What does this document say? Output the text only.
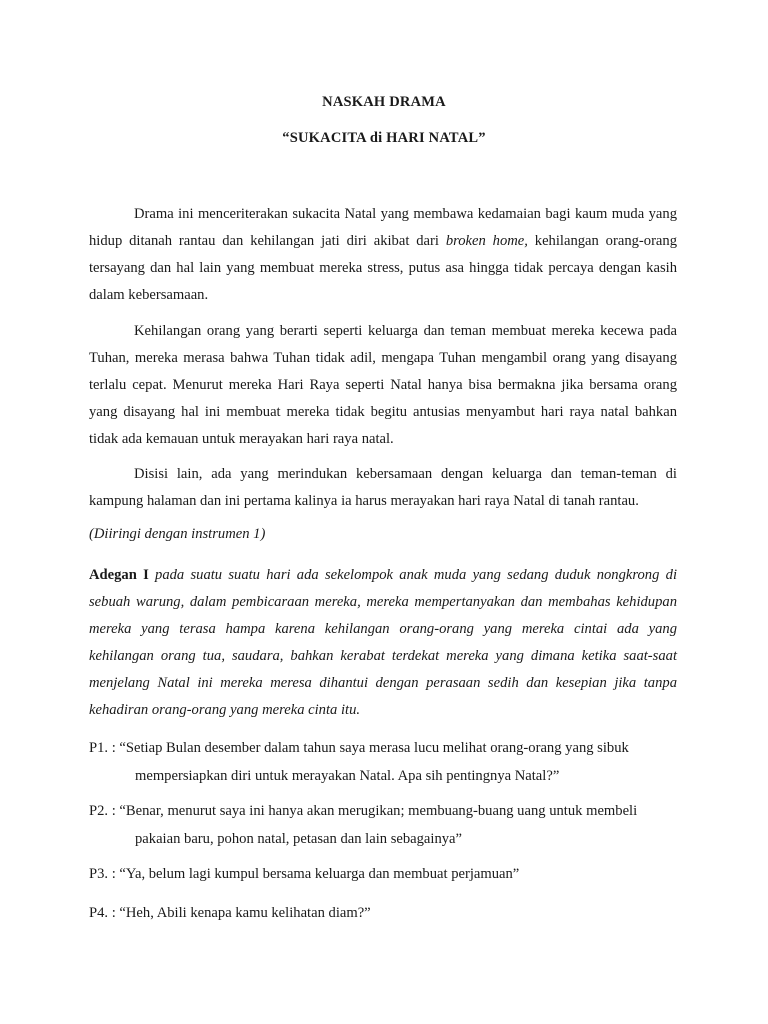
NASKAH DRAMA
“SUKACITA di HARI NATAL”
Drama ini menceriterakan sukacita Natal yang membawa kedamaian bagi kaum muda yang hidup ditanah rantau dan kehilangan jati diri akibat dari broken home, kehilangan orang-orang tersayang dan hal lain yang membuat mereka stress, putus asa hingga tidak percaya dengan kasih dalam kebersamaan.
Kehilangan orang yang berarti seperti keluarga dan teman membuat mereka kecewa pada Tuhan, mereka merasa bahwa Tuhan tidak adil, mengapa Tuhan mengambil orang yang disayang terlalu cepat. Menurut mereka Hari Raya seperti Natal hanya bisa bermakna jika bersama orang yang disayang hal ini membuat mereka tidak begitu antusias menyambut hari raya natal bahkan tidak ada kemauan untuk merayakan hari raya natal.
Disisi lain, ada yang merindukan kebersamaan dengan keluarga dan teman-teman di kampung halaman dan ini pertama kalinya ia harus merayakan hari raya Natal di tanah rantau.
(Diiringi dengan instrumen 1)
Adegan I pada suatu suatu hari ada sekelompok anak muda yang sedang duduk nongkrong di sebuah warung, dalam pembicaraan mereka, mereka mempertanyakan dan membahas kehidupan mereka yang terasa hampa karena kehilangan orang-orang yang mereka cintai ada yang kehilangan orang tua, saudara, bahkan kerabat terdekat mereka yang dimana ketika saat-saat menjelang Natal ini mereka meresa dihantui dengan perasaan sedih dan kesepian jika tanpa kehadiran orang-orang yang mereka cinta itu.
P1. : “Setiap Bulan desember dalam tahun saya merasa lucu melihat orang-orang yang sibuk mempersiapkan diri untuk merayakan Natal. Apa sih pentingnya Natal?”
P2. : “Benar, menurut saya ini hanya akan merugikan; membuang-buang uang untuk membeli pakaian baru, pohon natal, petasan dan lain sebagainya”
P3. : “Ya, belum lagi kumpul bersama keluarga dan membuat perjamuan”
P4. : “Heh, Abili kenapa kamu kelihatan diam?”
